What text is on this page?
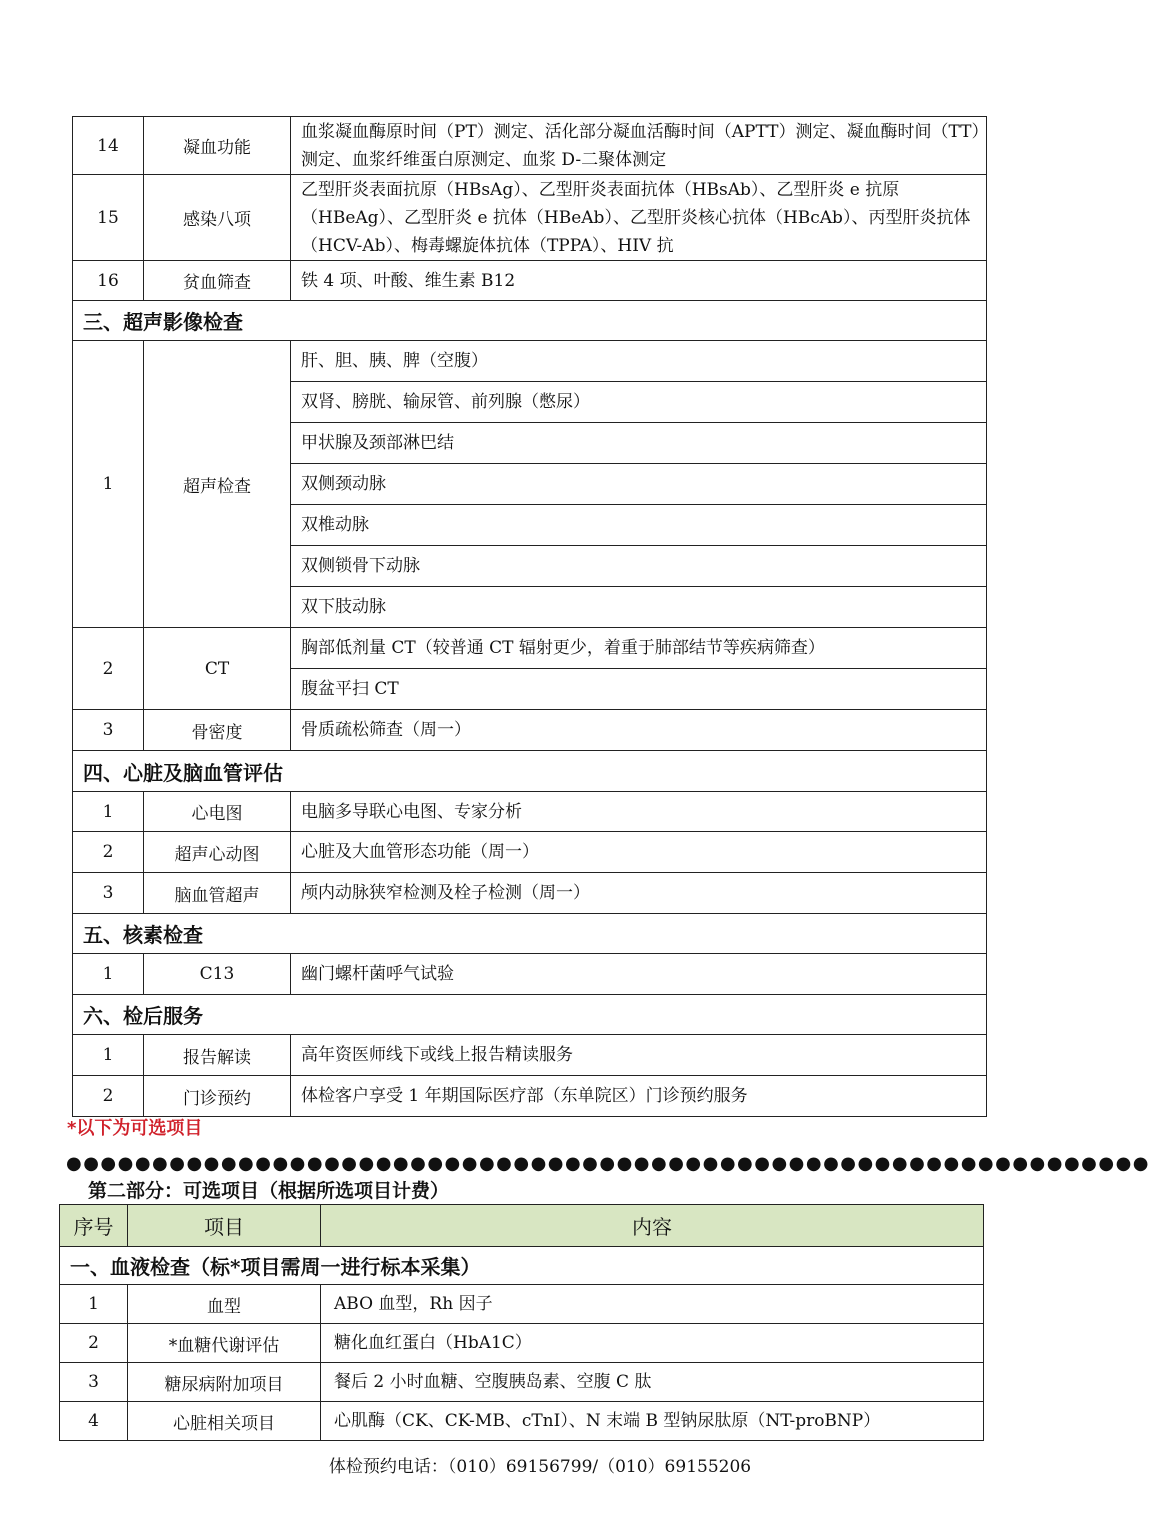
14	凝血功能	血浆凝血酶原时间（PT）测定、活化部分凝血活酶时间（APTT）测定、凝血酶时间（TT）测定、血浆纤维蛋白原测定、血浆 D-二聚体测定
15	感染八项	乙型肝炎表面抗原（HBsAg）、乙型肝炎表面抗体（HBsAb）、乙型肝炎 e 抗原（HBeAg）、乙型肝炎 e 抗体（HBeAb）、乙型肝炎核心抗体（HBcAb）、丙型肝炎抗体（HCV-Ab）、梅毒螺旋体抗体（TPPA）、HIV 抗
16	贫血筛查	铁 4 项、叶酸、维生素 B12
三、超声影像检查		
1	超声检查	肝、胆、胰、脾（空腹）
		双肾、膀胱、输尿管、前列腺（憋尿）
		甲状腺及颈部淋巴结
		双侧颈动脉
		双椎动脉
		双侧锁骨下动脉
		双下肢动脉
2	CT	胸部低剂量 CT（较普通 CT 辐射更少，着重于肺部结节等疾病筛查）
		腹盆平扫 CT
3	骨密度	骨质疏松筛查（周一）
四、心脏及脑血管评估		
1	心电图	电脑多导联心电图、专家分析
2	超声心动图	心脏及大血管形态功能（周一）
3	脑血管超声	颅内动脉狭窄检测及栓子检测（周一）
五、核素检查		
1	C13	幽门螺杆菌呼气试验
六、检后服务		
1	报告解读	高年资医师线下或线上报告精读服务
2	门诊预约	体检客户享受 1 年期国际医疗部（东单院区）门诊预约服务
*以下为可选项目
●●●●●●●●●●●●●●●●●●●●●●●●●●●●●●●●●●●●●●●●●●●●●●●●●●●●●●●●●●●●●●●
第二部分：可选项目（根据所选项目计费）
序号	项目	内容
一、血液检查（标*项目需周一进行标本采集）		
1	血型	ABO 血型，Rh 因子
2	*血糖代谢评估	糖化血红蛋白（HbA1C）
3	糖尿病附加项目	餐后 2 小时血糖、空腹胰岛素、空腹 C 肽
4	心脏相关项目	心肌酶（CK、CK-MB、cTnI）、N 末端 B 型钠尿肽原（NT-proBNP）
体检预约电话：（010）69156799/（010）69155206
